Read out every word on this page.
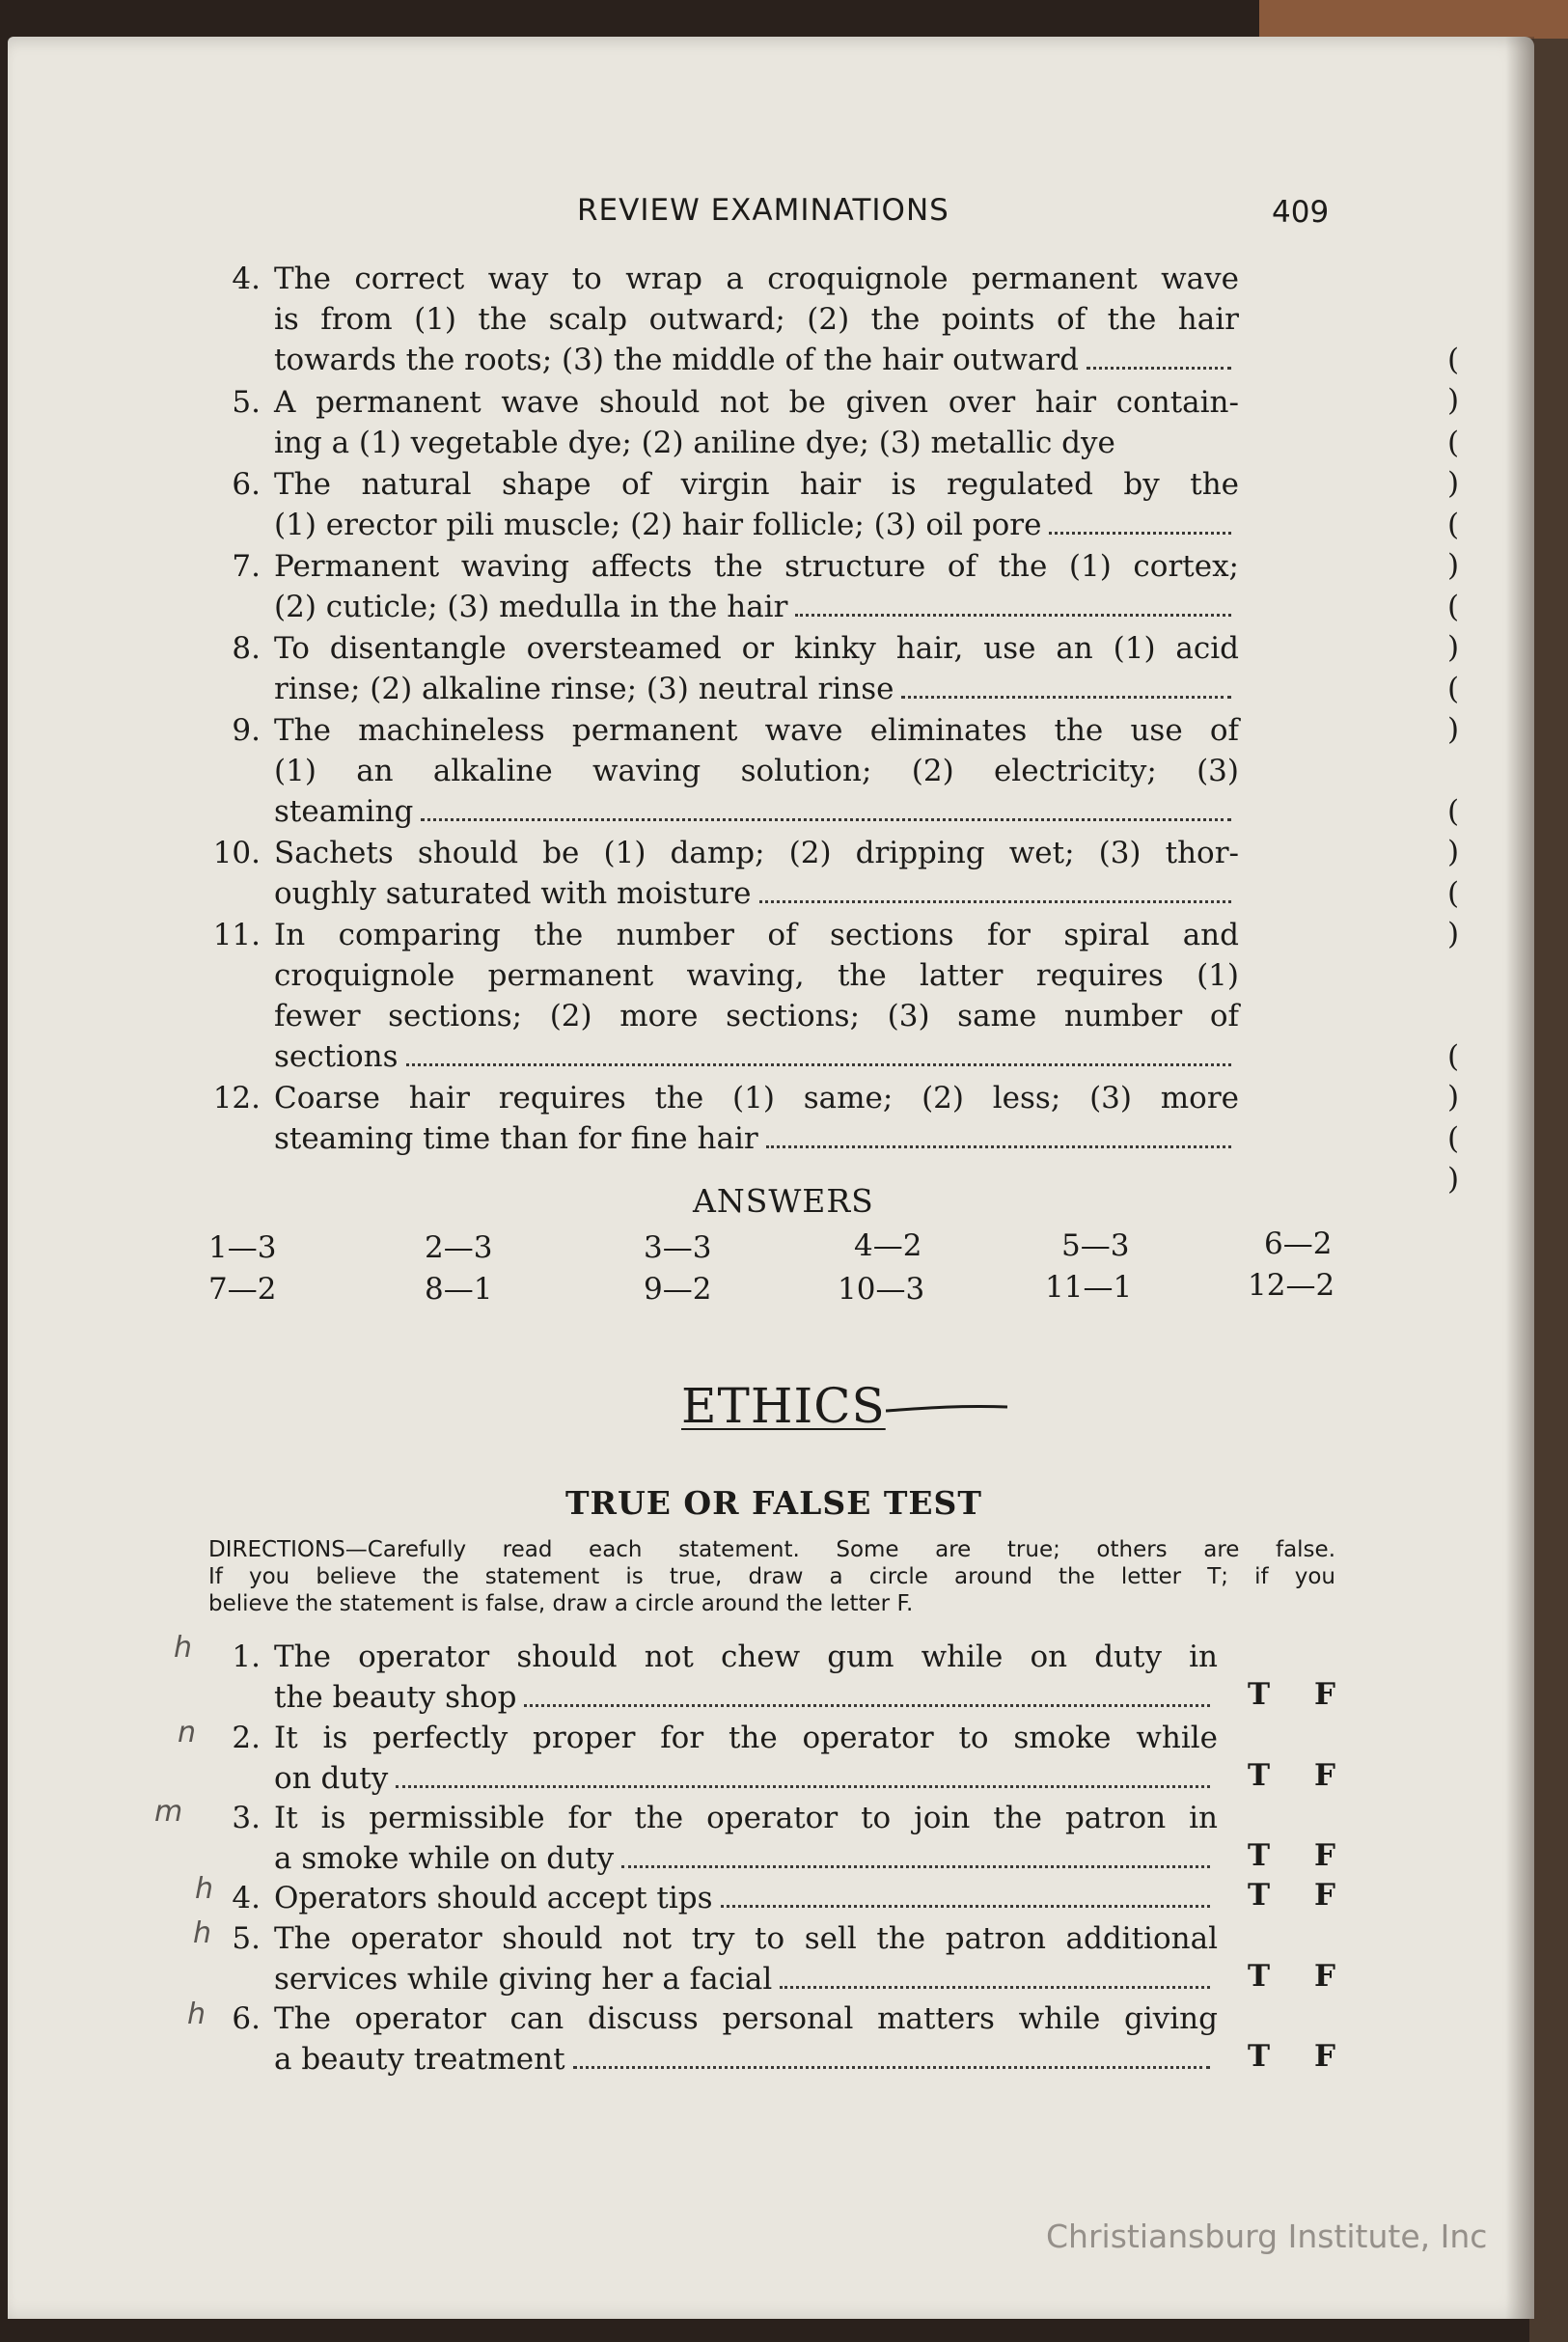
REVIEW EXAMINATIONS	409
4. The correct way to wrap a croquignole permanent wave
is from (1) the scalp outward; (2) the points of the hair
towards the roots; (3) the middle of the hair outward	( )
5. A permanent wave should not be given over hair contain-
ing a (1) vegetable dye; (2) aniline dye; (3) metallic dye	( )
6. The natural shape of virgin hair is regulated by the
(1) erector pili muscle; (2) hair follicle; (3) oil pore	( )
7. Permanent waving affects the structure of the (1) cortex;
(2) cuticle; (3) medulla in the hair	( )
8. To disentangle oversteamed or kinky hair, use an (1) acid
rinse; (2) alkaline rinse; (3) neutral rinse	( )
9. The machineless permanent wave eliminates the use of
(1) an alkaline waving solution; (2) electricity; (3)
steaming	( )
10. Sachets should be (1) damp; (2) dripping wet; (3) thor-
oughly saturated with moisture	( )
11. In comparing the number of sections for spiral and
croquignole permanent waving, the latter requires (1)
fewer sections; (2) more sections; (3) same number of
sections	( )
12. Coarse hair requires the (1) same; (2) less; (3) more
steaming time than for fine hair	( )
ANSWERS
1—3	2—3	3—3	4—2	5—3	6—2
7—2	8—1	9—2	10—3	11—1	12—2
ETHICS
TRUE OR FALSE TEST
DIRECTIONS—Carefully read each statement. Some are true; others are false.
If you believe the statement is true, draw a circle around the letter T; if you
believe the statement is false, draw a circle around the letter F.
h	1. The operator should not chew gum while on duty in
the beauty shop	T F
n	2. It is perfectly proper for the operator to smoke while
on duty	T F
m	3. It is permissible for the operator to join the patron in
a smoke while on duty	T F
h 4. Operators should accept tips	T F
h 5. The operator should not try to sell the patron additional
services while giving her a facial	T F
h 6. The operator can discuss personal matters while giving
a beauty treatment	T F
Christiansburg Institute, Inc
